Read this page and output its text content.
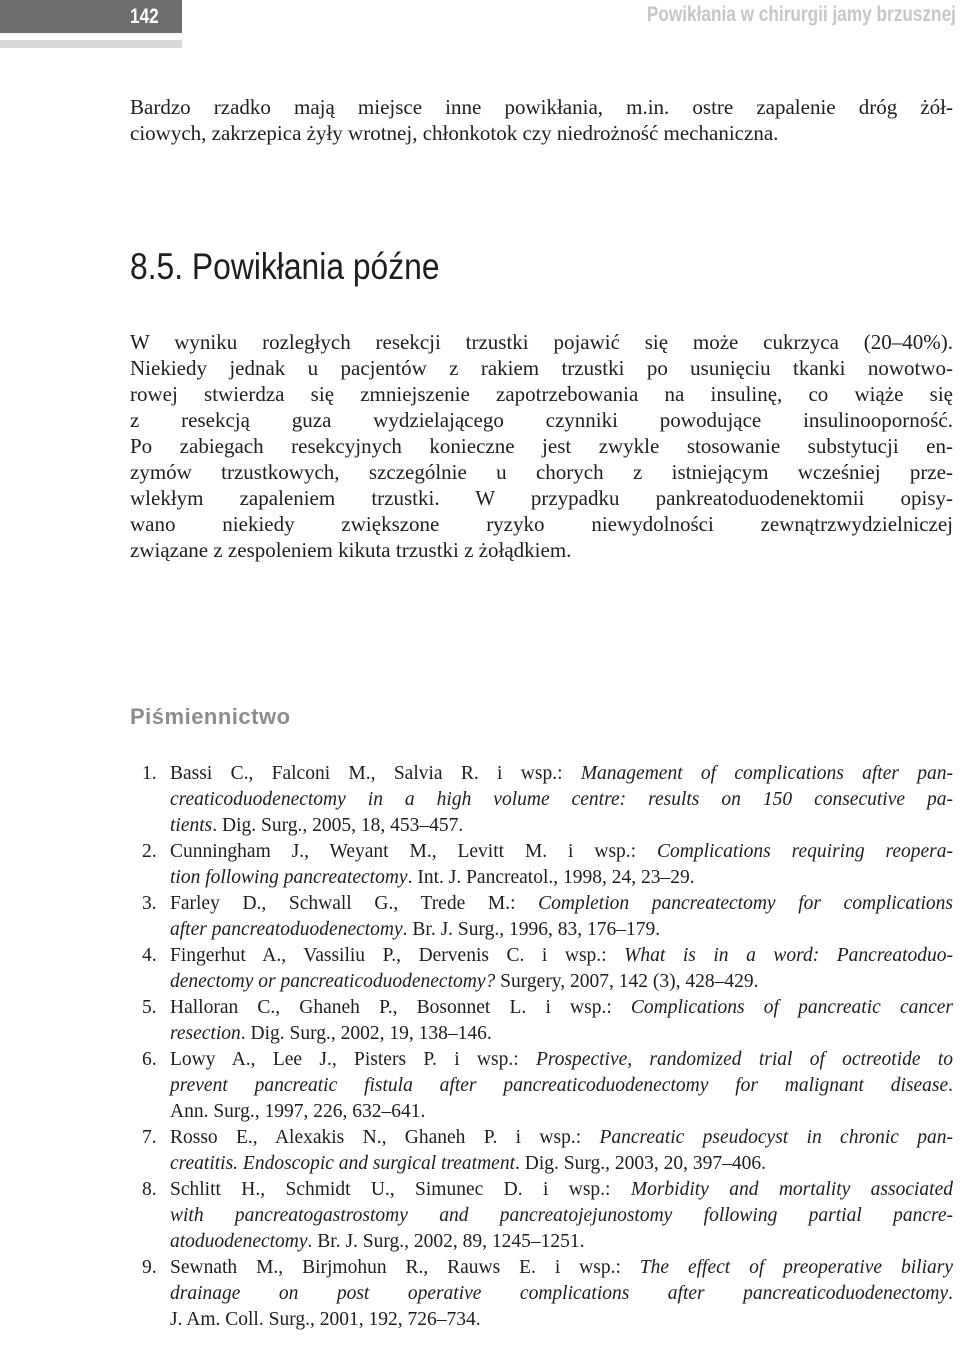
142	Powikłania w chirurgii jamy brzusznej
Bardzo rzadko mają miejsce inne powikłania, m.in. ostre zapalenie dróg żół-
ciowych, zakrzepica żyły wrotnej, chłonkotok czy niedrożność mechaniczna.
8.5. Powikłania późne
W wyniku rozległych resekcji trzustki pojawić się może cukrzyca (20–40%).
Niekiedy jednak u pacjentów z rakiem trzustki po usunięciu tkanki nowotwo-
rowej stwierdza się zmniejszenie zapotrzebowania na insulinę, co wiąże się
z resekcją guza wydzielającego czynniki powodujące insulinooporność.
Po zabiegach resekcyjnych konieczne jest zwykle stosowanie substytucji en-
zymów trzustkowych, szczególnie u chorych z istniejącym wcześniej prze-
wlekłym zapaleniem trzustki. W przypadku pankreatoduodenektomii opisy-
wano niekiedy zwiększone ryzyko niewydolności zewnątrzwydzielniczej
związane z zespoleniem kikuta trzustki z żołądkiem.
Piśmiennictwo
1. Bassi C., Falconi M., Salvia R. i wsp.: Management of complications after pan-
creaticoduodenectomy in a high volume centre: results on 150 consecutive pa-
tients. Dig. Surg., 2005, 18, 453–457.
2. Cunningham J., Weyant M., Levitt M. i wsp.: Complications requiring reopera-
tion following pancreatectomy. Int. J. Pancreatol., 1998, 24, 23–29.
3. Farley D., Schwall G., Trede M.: Completion pancreatectomy for complications
after pancreatoduodenectomy. Br. J. Surg., 1996, 83, 176–179.
4. Fingerhut A., Vassiliu P., Dervenis C. i wsp.: What is in a word: Pancreatoduo-
denectomy or pancreaticoduodenectomy? Surgery, 2007, 142 (3), 428–429.
5. Halloran C., Ghaneh P., Bosonnet L. i wsp.: Complications of pancreatic cancer
resection. Dig. Surg., 2002, 19, 138–146.
6. Lowy A., Lee J., Pisters P. i wsp.: Prospective, randomized trial of octreotide to
prevent pancreatic fistula after pancreaticoduodenectomy for malignant disease.
Ann. Surg., 1997, 226, 632–641.
7. Rosso E., Alexakis N., Ghaneh P. i wsp.: Pancreatic pseudocyst in chronic pan-
creatitis. Endoscopic and surgical treatment. Dig. Surg., 2003, 20, 397–406.
8. Schlitt H., Schmidt U., Simunec D. i wsp.: Morbidity and mortality associated
with pancreatogastrostomy and pancreatojejunostomy following partial pancre-
atoduodenectomy. Br. J. Surg., 2002, 89, 1245–1251.
9. Sewnath M., Birjmohun R., Rauws E. i wsp.: The effect of preoperative biliary
drainage on post operative complications after pancreaticoduodenectomy.
J. Am. Coll. Surg., 2001, 192, 726–734.
